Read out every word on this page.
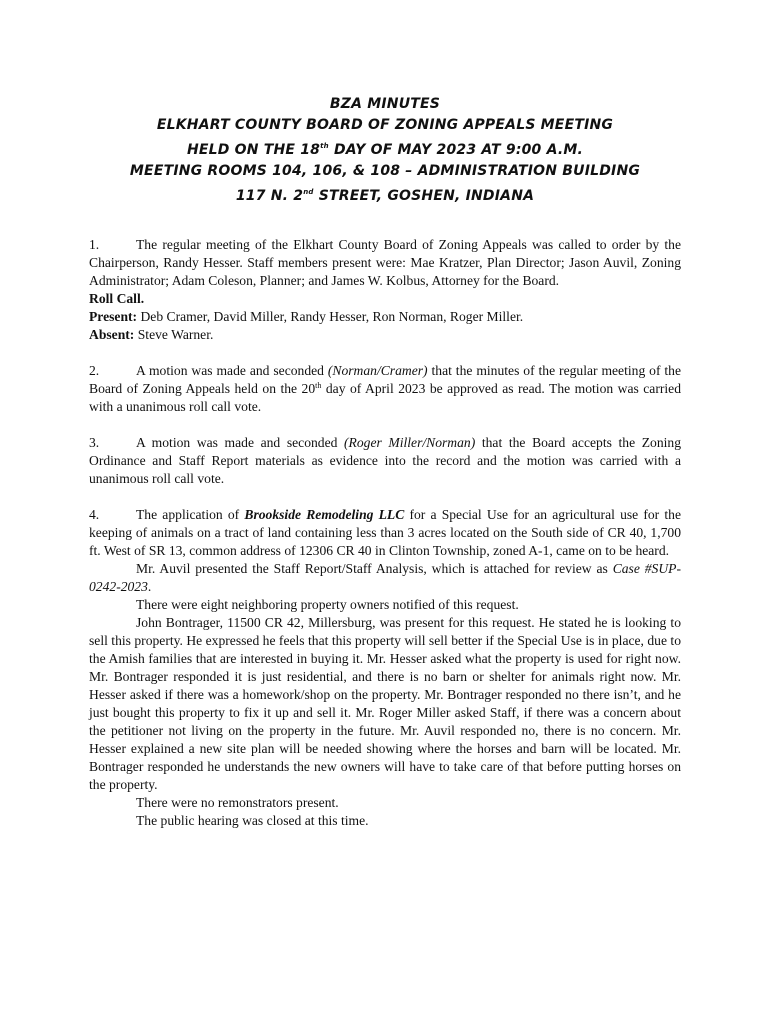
BZA MINUTES
ELKHART COUNTY BOARD OF ZONING APPEALS MEETING
HELD ON THE 18th DAY OF MAY 2023 AT 9:00 A.M.
MEETING ROOMS 104, 106, & 108 – ADMINISTRATION BUILDING
117 N. 2nd STREET, GOSHEN, INDIANA

1.	The regular meeting of the Elkhart County Board of Zoning Appeals was called to order by the Chairperson, Randy Hesser. Staff members present were: Mae Kratzer, Plan Director; Jason Auvil, Zoning Administrator; Adam Coleson, Planner; and James W. Kolbus, Attorney for the Board.

Roll Call.

Present: Deb Cramer, David Miller, Randy Hesser, Ron Norman, Roger Miller.

Absent: Steve Warner.

2.	A motion was made and seconded (Norman/Cramer) that the minutes of the regular meeting of the Board of Zoning Appeals held on the 20th day of April 2023 be approved as read. The motion was carried with a unanimous roll call vote.

3.	A motion was made and seconded (Roger Miller/Norman) that the Board accepts the Zoning Ordinance and Staff Report materials as evidence into the record and the motion was carried with a unanimous roll call vote.

4.	The application of Brookside Remodeling LLC for a Special Use for an agricultural use for the keeping of animals on a tract of land containing less than 3 acres located on the South side of CR 40, 1,700 ft. West of SR 13, common address of 12306 CR 40 in Clinton Township, zoned A-1, came on to be heard.

Mr. Auvil presented the Staff Report/Staff Analysis, which is attached for review as Case #SUP-0242-2023.

There were eight neighboring property owners notified of this request.

John Bontrager, 11500 CR 42, Millersburg, was present for this request. He stated he is looking to sell this property. He expressed he feels that this property will sell better if the Special Use is in place, due to the Amish families that are interested in buying it. Mr. Hesser asked what the property is used for right now. Mr. Bontrager responded it is just residential, and there is no barn or shelter for animals right now. Mr. Hesser asked if there was a homework/shop on the property. Mr. Bontrager responded no there isn’t, and he just bought this property to fix it up and sell it. Mr. Roger Miller asked Staff, if there was a concern about the petitioner not living on the property in the future. Mr. Auvil responded no, there is no concern. Mr. Hesser explained a new site plan will be needed showing where the horses and barn will be located. Mr. Bontrager responded he understands the new owners will have to take care of that before putting horses on the property.

There were no remonstrators present.

The public hearing was closed at this time.
